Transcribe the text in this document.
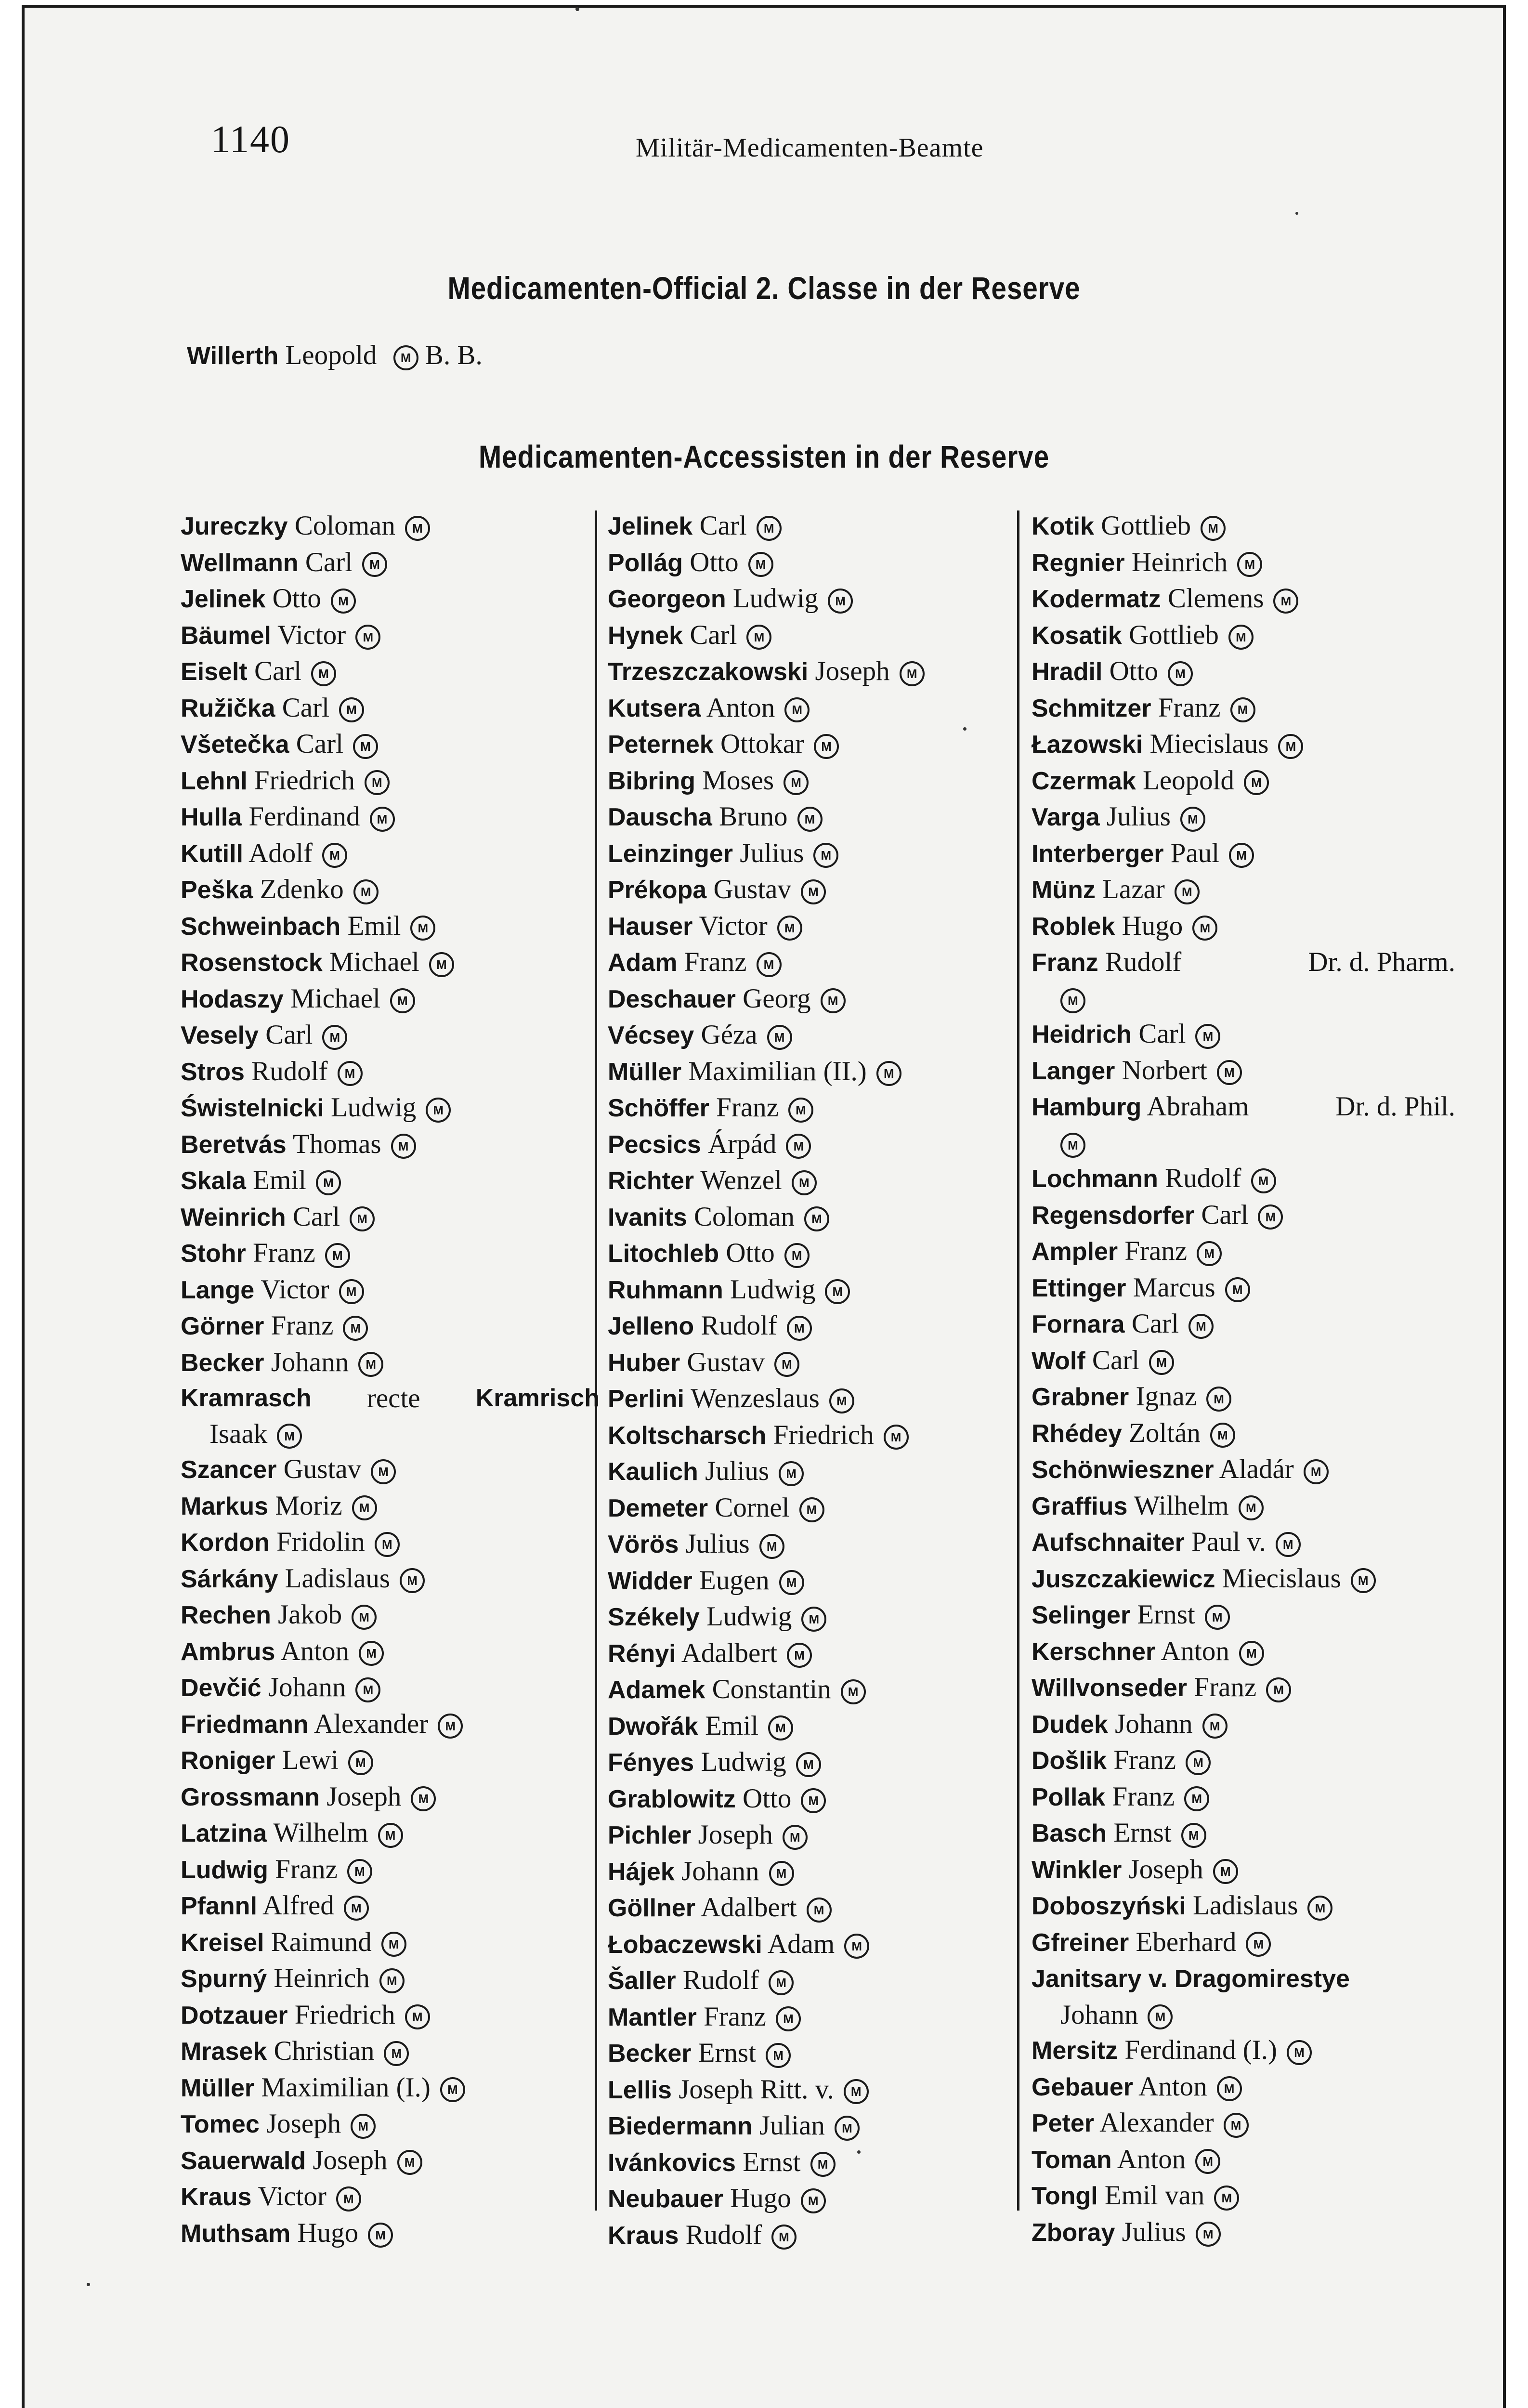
1140	Militär-Medicamenten-Beamte
Medicamenten-Official 2. Classe in der Reserve
Willerth Leopold M B. B.
Medicamenten-Accessisten in der Reserve
Jureczky Coloman M
Wellmann Carl M
Jelinek Otto M
Bäumel Victor M
Eiselt Carl M
Ružička Carl M
Všetečka Carl M
Lehnl Friedrich M
Hulla Ferdinand M
Kutill Adolf M
Peška Zdenko M
Schweinbach Emil M
Rosenstock Michael M
Hodaszy Michael M
Vesely Carl M
Stros Rudolf M
Świstelnicki Ludwig M
Beretvás Thomas M
Skala Emil M
Weinrich Carl M
Stohr Franz M
Lange Victor M
Görner Franz M
Becker Johann M
Kramrasch recte Kramrisch
Isaak M
Szancer Gustav M
Markus Moriz M
Kordon Fridolin M
Sárkány Ladislaus M
Rechen Jakob M
Ambrus Anton M
Devčić Johann M
Friedmann Alexander M
Roniger Lewi M
Grossmann Joseph M
Latzina Wilhelm M
Ludwig Franz M
Pfannl Alfred M
Kreisel Raimund M
Spurný Heinrich M
Dotzauer Friedrich M
Mrasek Christian M
Müller Maximilian (I.) M
Tomec Joseph M
Sauerwald Joseph M
Kraus Victor M
Muthsam Hugo M
Jelinek Carl M
Pollág Otto M
Georgeon Ludwig M
Hynek Carl M
Trzeszczakowski Joseph M
Kutsera Anton M
Peternek Ottokar M
Bibring Moses M
Dauscha Bruno M
Leinzinger Julius M
Prékopa Gustav M
Hauser Victor M
Adam Franz M
Deschauer Georg M
Vécsey Géza M
Müller Maximilian (II.) M
Schöffer Franz M
Pecsics Árpád M
Richter Wenzel M
Ivanits Coloman M
Litochleb Otto M
Ruhmann Ludwig M
Jelleno Rudolf M
Huber Gustav M
Perlini Wenzeslaus M
Koltscharsch Friedrich M
Kaulich Julius M
Demeter Cornel M
Vörös Julius M
Widder Eugen M
Székely Ludwig M
Rényi Adalbert M
Adamek Constantin M
Dwořák Emil M
Fényes Ludwig M
Grablowitz Otto M
Pichler Joseph M
Hájek Johann M
Göllner Adalbert M
Łobaczewski Adam M
Šaller Rudolf M
Mantler Franz M
Becker Ernst M
Lellis Joseph Ritt. v. M
Biedermann Julian M
Ivánkovics Ernst M
Neubauer Hugo M
Kraus Rudolf M
Kotik Gottlieb M
Regnier Heinrich M
Kodermatz Clemens M
Kosatik Gottlieb M
Hradil Otto M
Schmitzer Franz M
Łazowski Miecislaus M
Czermak Leopold M
Varga Julius M
Interberger Paul M
Münz Lazar M
Roblek Hugo M
Franz Rudolf	Dr. d. Pharm.
M
Heidrich Carl M
Langer Norbert M
Hamburg Abraham	Dr. d. Phil.
M
Lochmann Rudolf M
Regensdorfer Carl M
Ampler Franz M
Ettinger Marcus M
Fornara Carl M
Wolf Carl M
Grabner Ignaz M
Rhédey Zoltán M
Schönwieszner Aladár M
Graffius Wilhelm M
Aufschnaiter Paul v. M
Juszczakiewicz Miecislaus M
Selinger Ernst M
Kerschner Anton M
Willvonseder Franz M
Dudek Johann M
Došlik Franz M
Pollak Franz M
Basch Ernst M
Winkler Joseph M
Doboszyński Ladislaus M
Gfreiner Eberhard M
Janitsary v. Dragomirestye
Johann M
Mersitz Ferdinand (I.) M
Gebauer Anton M
Peter Alexander M
Toman Anton M
Tongl Emil van M
Zboray Julius M
